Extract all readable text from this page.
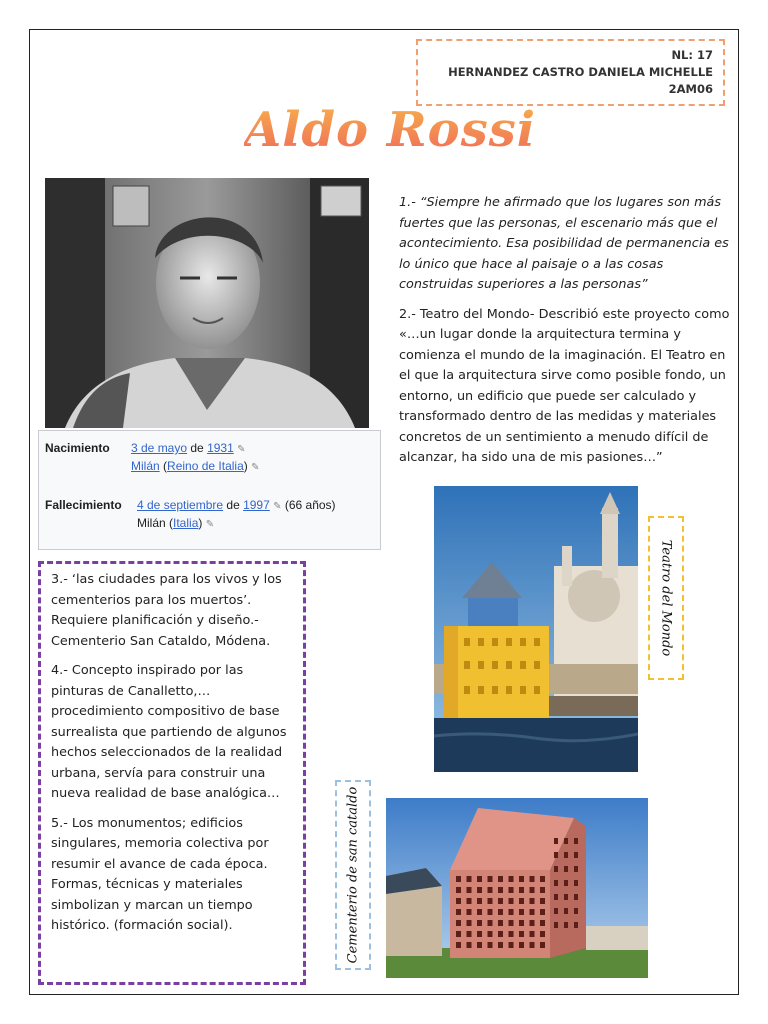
NL: 17
HERNANDEZ CASTRO DANIELA MICHELLE
2AM06
Aldo Rossi
Nacimiento	3 de mayo de 1931 ✎
Milán (Reino de Italia) ✎
Fallecimiento	4 de septiembre de 1997 ✎ (66 años)
Milán (Italia) ✎

1.- “Siempre he afirmado que los lugares son más fuertes que las personas, el escenario más que el acontecimiento. Esa posibilidad de permanencia es lo único que hace al paisaje o a las cosas construidas superiores a las personas”

2.- Teatro del Mondo- Describió este proyecto como «…un lugar donde la arquitectura termina y comienza el mundo de la imaginación. El Teatro en el que la arquitectura sirve como posible fondo, un entorno, un edificio que puede ser calculado y transformado dentro de las medidas y materiales concretos de un sentimiento a menudo difícil de alcanzar, ha sido una de mis pasiones…”

Teatro del Mondo
Cementerio de san cataldo

3.- ‘las ciudades para los vivos y los cementerios para los muertos’. Requiere planificación y diseño.- Cementerio San Cataldo, Módena.

4.- Concepto inspirado por las pinturas de Canalletto,…procedimiento compositivo de base surrealista que partiendo de algunos hechos seleccionados de la realidad urbana, servía para construir una nueva realidad de base analógica…

5.- Los monumentos; edificios singulares, memoria colectiva por resumir el avance de cada época. Formas, técnicas y materiales simbolizan y marcan un tiempo histórico. (formación social).
